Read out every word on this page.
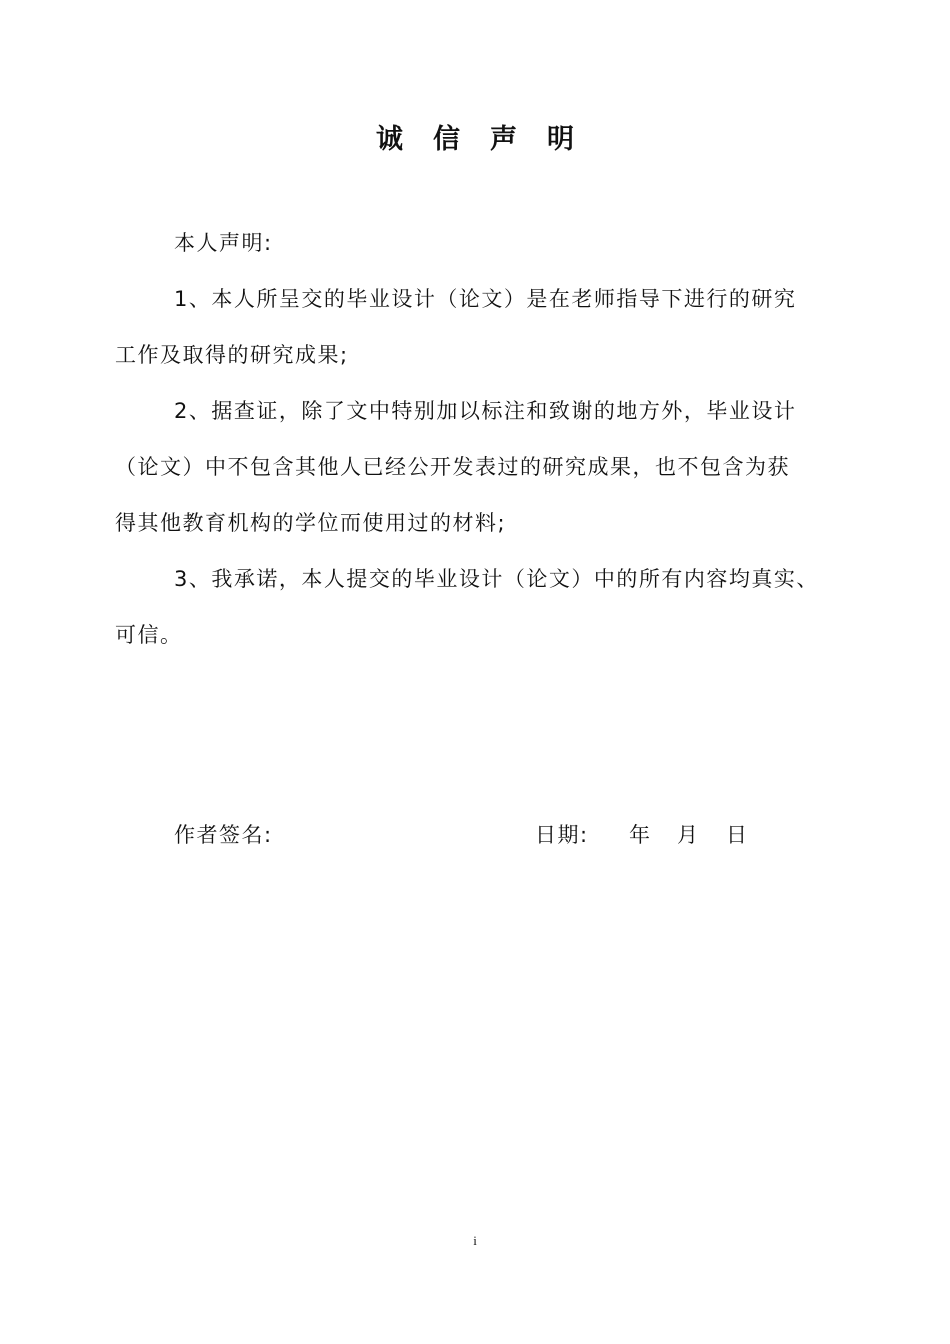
诚信声明
本人声明:
1、本人所呈交的毕业设计（论文）是在老师指导下进行的研究
工作及取得的研究成果;
2、据查证，除了文中特别加以标注和致谢的地方外，毕业设计
（论文）中不包含其他人已经公开发表过的研究成果，也不包含为获
得其他教育机构的学位而使用过的材料;
3、我承诺，本人提交的毕业设计（论文）中的所有内容均真实、
可信。
作者签名:	日期: 年 月 日
i
